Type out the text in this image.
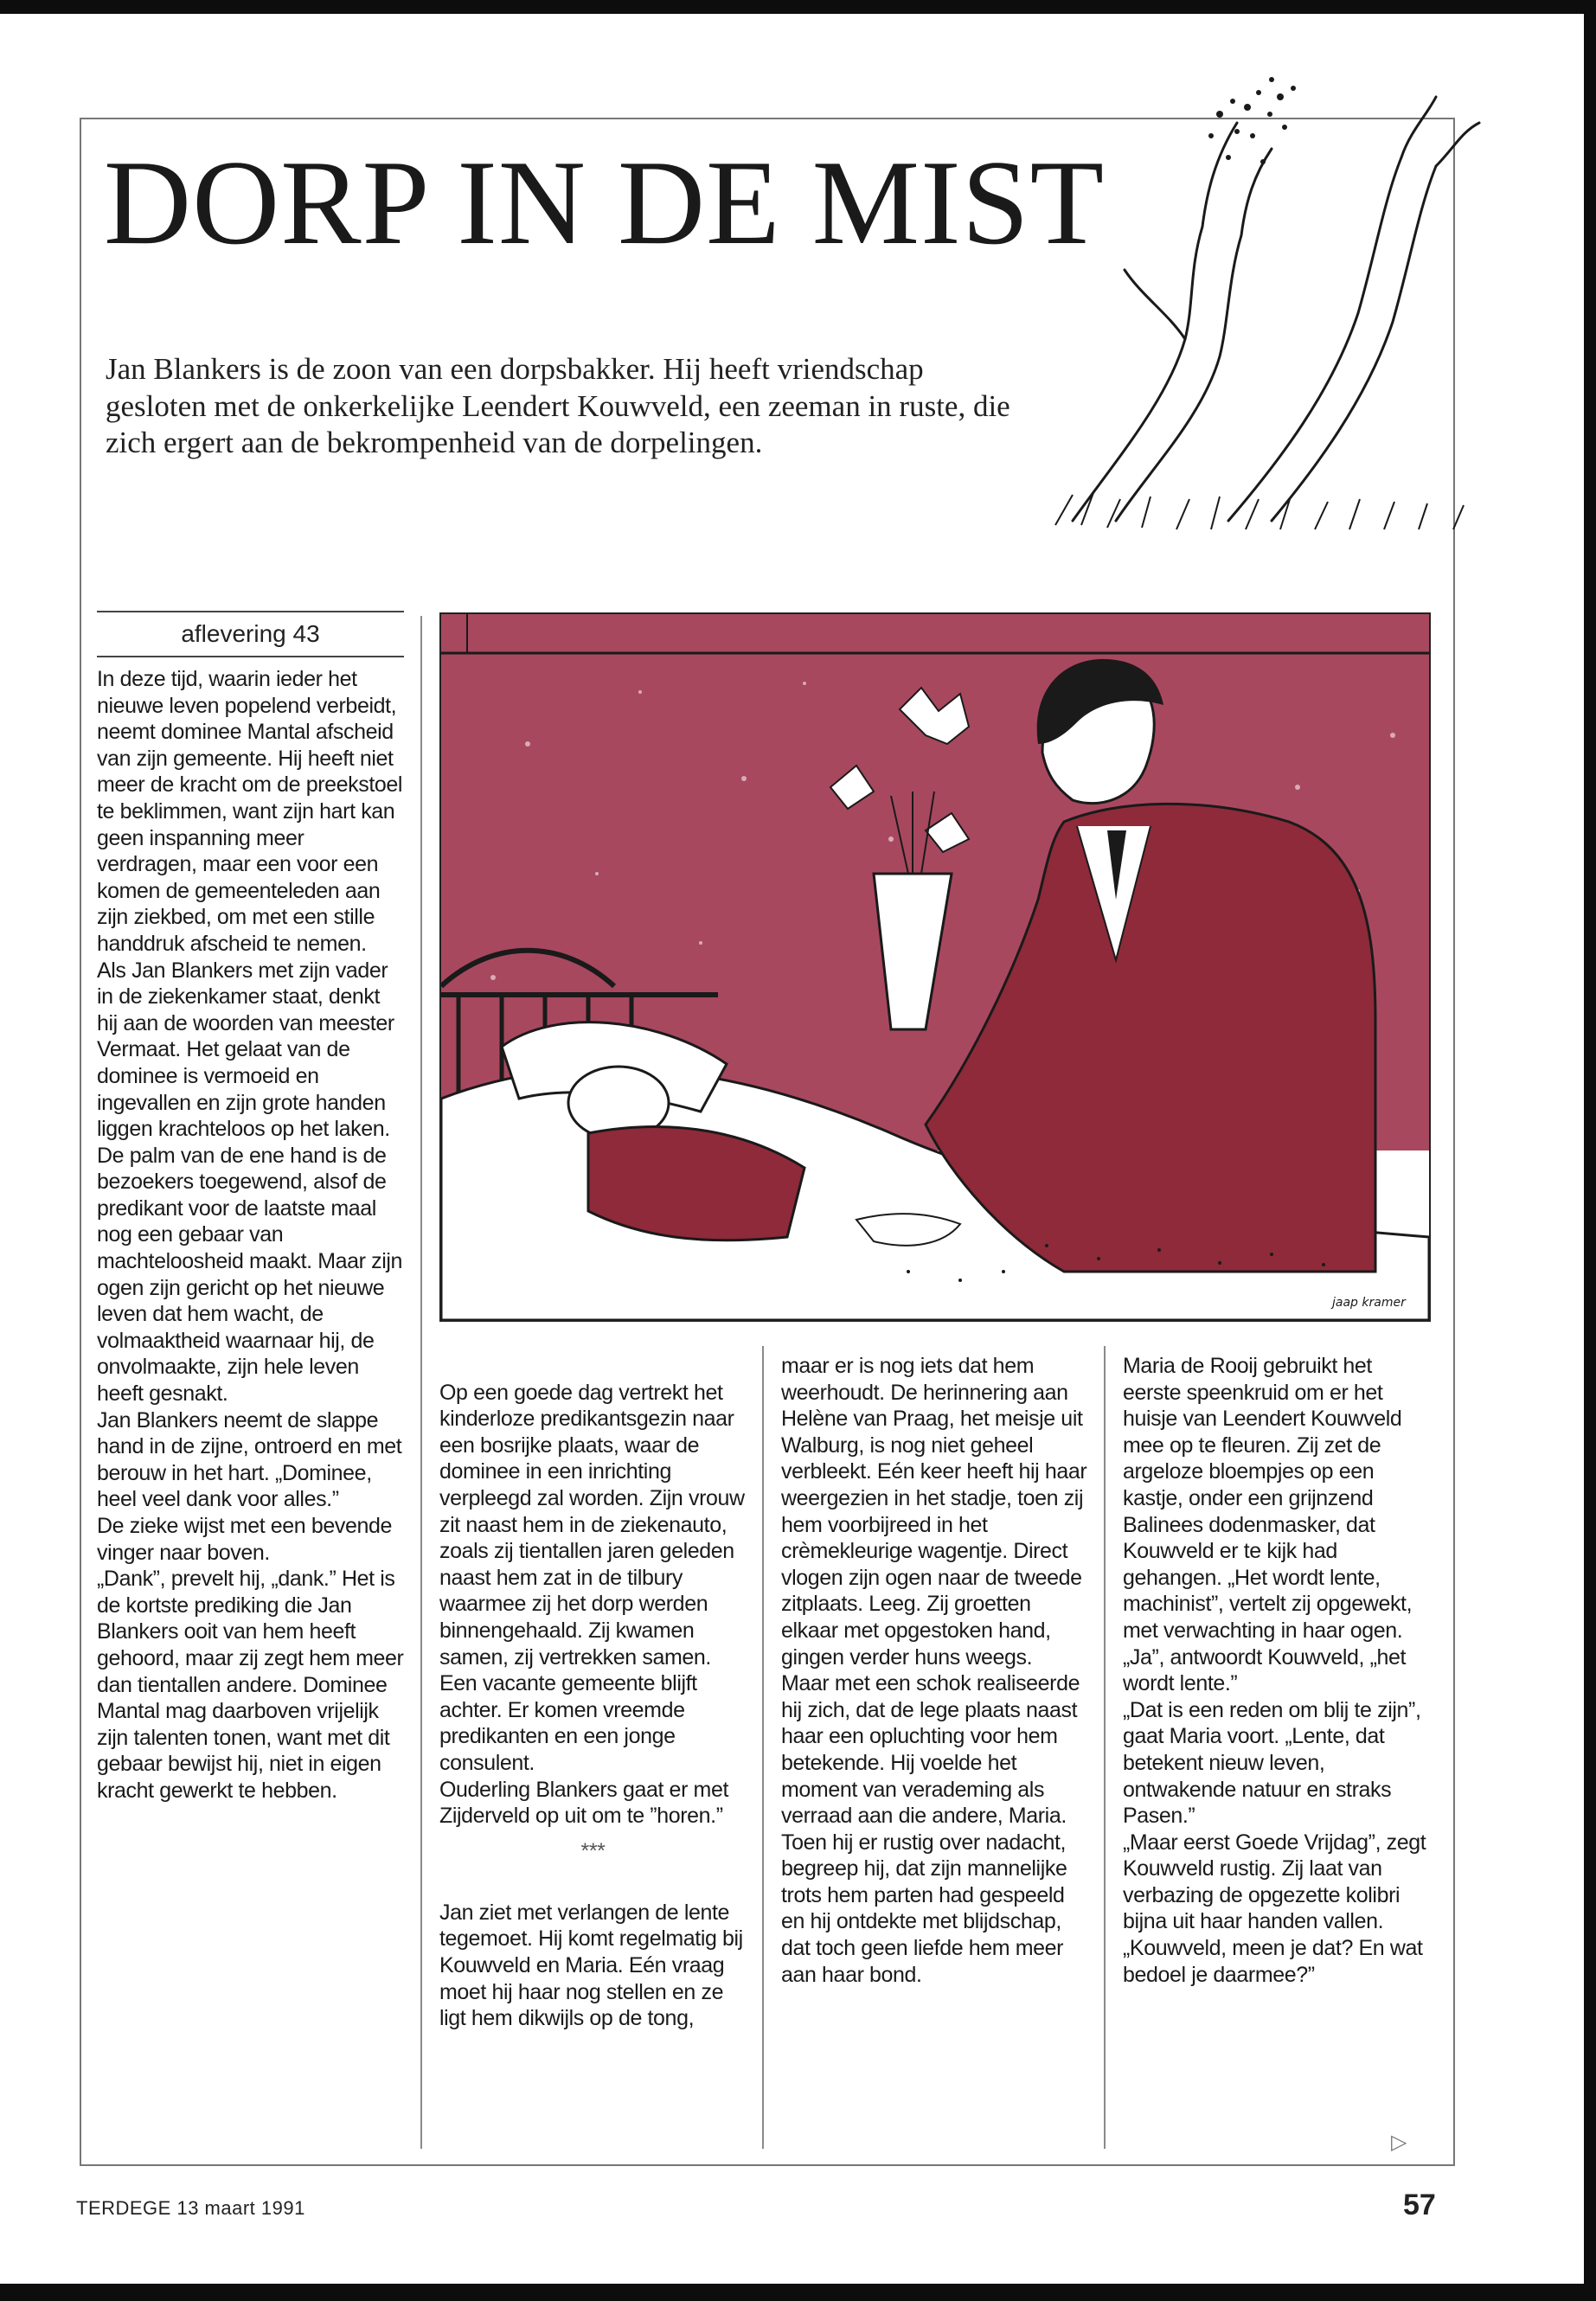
DORP IN DE MIST

Jan Blankers is de zoon van een dorpsbakker. Hij heeft vriendschap gesloten met de onkerkelijke Leendert Kouwveld, een zeeman in ruste, die zich ergert aan de bekrompenheid van de dorpelingen.

aflevering 43
jaap kramer
In deze tijd, waarin ieder het nieuwe leven popelend verbeidt, neemt dominee Mantal afscheid van zijn gemeente. Hij heeft niet meer de kracht om de preekstoel te beklimmen, want zijn hart kan geen inspanning meer verdragen, maar een voor een komen de gemeenteleden aan zijn ziekbed, om met een stille handdruk afscheid te nemen.
Als Jan Blankers met zijn vader in de ziekenkamer staat, denkt hij aan de woorden van meester Vermaat. Het gelaat van de dominee is vermoeid en ingevallen en zijn grote handen liggen krachteloos op het laken. De palm van de ene hand is de bezoekers toegewend, alsof de predikant voor de laatste maal nog een gebaar van machteloosheid maakt. Maar zijn ogen zijn gericht op het nieuwe leven dat hem wacht, de volmaaktheid waarnaar hij, de onvolmaakte, zijn hele leven heeft gesnakt.
Jan Blankers neemt de slappe hand in de zijne, ontroerd en met berouw in het hart. „Dominee, heel veel dank voor alles.”
De zieke wijst met een bevende vinger naar boven.
„Dank”, prevelt hij, „dank.” Het is de kortste prediking die Jan Blankers ooit van hem heeft gehoord, maar zij zegt hem meer dan tientallen andere. Dominee Mantal mag daarboven vrijelijk zijn talenten tonen, want met dit gebaar bewijst hij, niet in eigen kracht gewerkt te hebben.

Op een goede dag vertrekt het kinderloze predikantsgezin naar een bosrijke plaats, waar de dominee in een inrichting verpleegd zal worden. Zijn vrouw zit naast hem in de ziekenauto, zoals zij tientallen jaren geleden naast hem zat in de tilbury waarmee zij het dorp werden binnengehaald. Zij kwamen samen, zij vertrekken samen. Een vacante gemeente blijft achter. Er komen vreemde predikanten en een jonge consulent.
Ouderling Blankers gaat er met Zijderveld op uit om te ”horen.”

***

Jan ziet met verlangen de lente tegemoet. Hij komt regelmatig bij Kouwveld en Maria. Eén vraag moet hij haar nog stellen en ze ligt hem dikwijls op de tong,

maar er is nog iets dat hem weerhoudt. De herinnering aan Helène van Praag, het meisje uit Walburg, is nog niet geheel verbleekt. Eén keer heeft hij haar weergezien in het stadje, toen zij hem voorbijreed in het crèmekleurige wagentje. Direct vlogen zijn ogen naar de tweede zitplaats. Leeg. Zij groetten elkaar met opgestoken hand, gingen verder huns weegs.
Maar met een schok realiseerde hij zich, dat de lege plaats naast haar een opluchting voor hem betekende. Hij voelde het moment van verademing als verraad aan die andere, Maria.
Toen hij er rustig over nadacht, begreep hij, dat zijn mannelijke trots hem parten had gespeeld en hij ontdekte met blijdschap, dat toch geen liefde hem meer aan haar bond.
Maria de Rooij gebruikt het eerste speenkruid om er het huisje van Leendert Kouwveld mee op te fleuren. Zij zet de argeloze bloempjes op een kastje, onder een grijnzend Balinees dodenmasker, dat Kouwveld er te kijk had gehangen. „Het wordt lente, machinist”, vertelt zij opgewekt, met verwachting in haar ogen.
„Ja”, antwoordt Kouwveld, „het wordt lente.”
„Dat is een reden om blij te zijn”, gaat Maria voort. „Lente, dat betekent nieuw leven, ontwakende natuur en straks Pasen.”
„Maar eerst Goede Vrijdag”, zegt Kouwveld rustig. Zij laat van verbazing de opgezette kolibri bijna uit haar handen vallen.
„Kouwveld, meen je dat? En wat bedoel je daarmee?”
▷
TERDEGE 13 maart 1991	57
